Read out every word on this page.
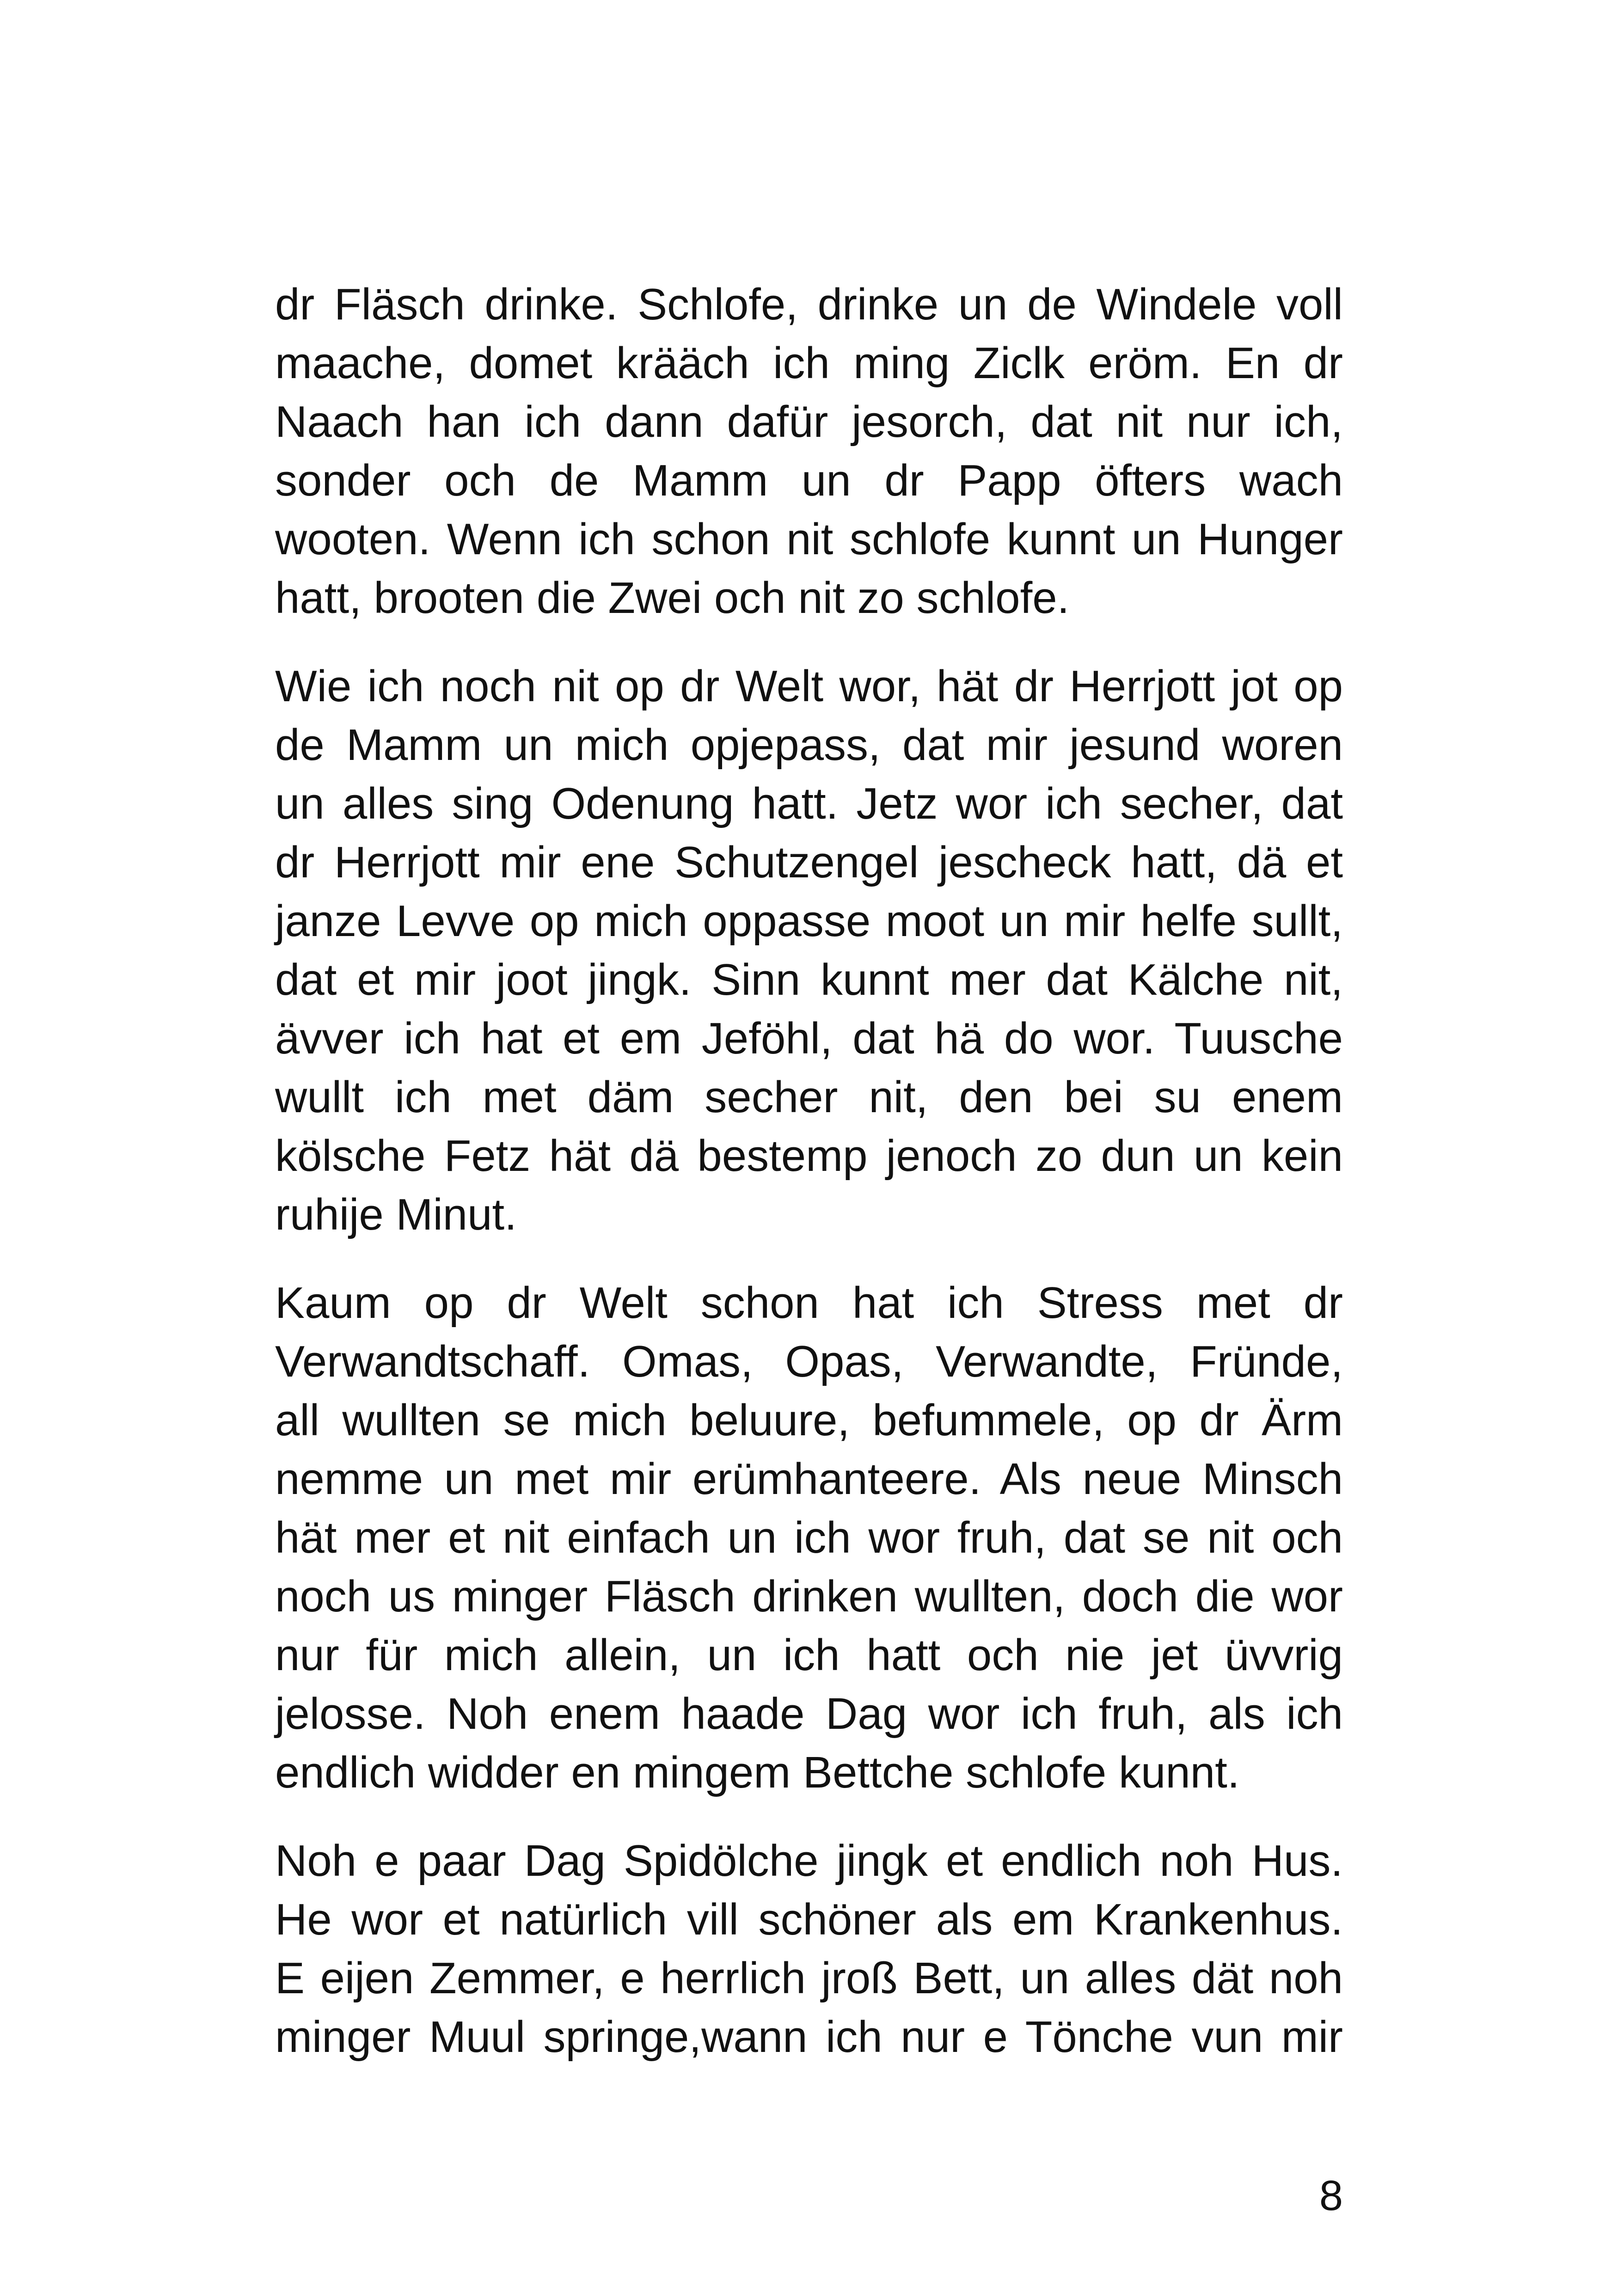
dr Fläsch drinke. Schlofe, drinke un de Windele voll
maache, domet krääch ich ming Ziclk eröm. En dr
Naach han ich dann dafür jesorch, dat nit nur ich,
sonder och de Mamm un dr Papp öfters wach
wooten. Wenn ich schon nit schlofe kunnt un Hunger
hatt, brooten die Zwei och nit zo schlofe.

Wie ich noch nit op dr Welt wor, hät dr Herrjott jot op
de Mamm un mich opjepass, dat mir jesund woren
un alles sing Odenung hatt. Jetz wor ich secher, dat
dr Herrjott mir ene Schutzengel jescheck hatt, dä et
janze Levve op mich oppasse moot un mir helfe sullt,
dat et mir joot jingk. Sinn kunnt mer dat Kälche nit,
ävver ich hat et em Jeföhl, dat hä do wor. Tuusche
wullt ich met däm secher nit, den bei su enem
kölsche Fetz hät dä bestemp jenoch zo dun un kein
ruhije Minut.

Kaum op dr Welt schon hat ich Stress met dr
Verwandtschaff. Omas, Opas, Verwandte, Fründe,
all wullten se mich beluure, befummele, op dr Ärm
nemme un met mir erümhanteere. Als neue Minsch
hät mer et nit einfach un ich wor fruh, dat se nit och
noch us minger Fläsch drinken wullten, doch die wor
nur für mich allein, un ich hatt och nie jet üvvrig
jelosse. Noh enem haade Dag wor ich fruh, als ich
endlich widder en mingem Bettche schlofe kunnt.

Noh e paar Dag Spidölche jingk et endlich noh Hus.
He wor et natürlich vill schöner als em Krankenhus.
E eijen Zemmer, e herrlich jroß Bett, un alles dät noh
minger Muul springe,wann ich nur e Tönche vun mir

8
